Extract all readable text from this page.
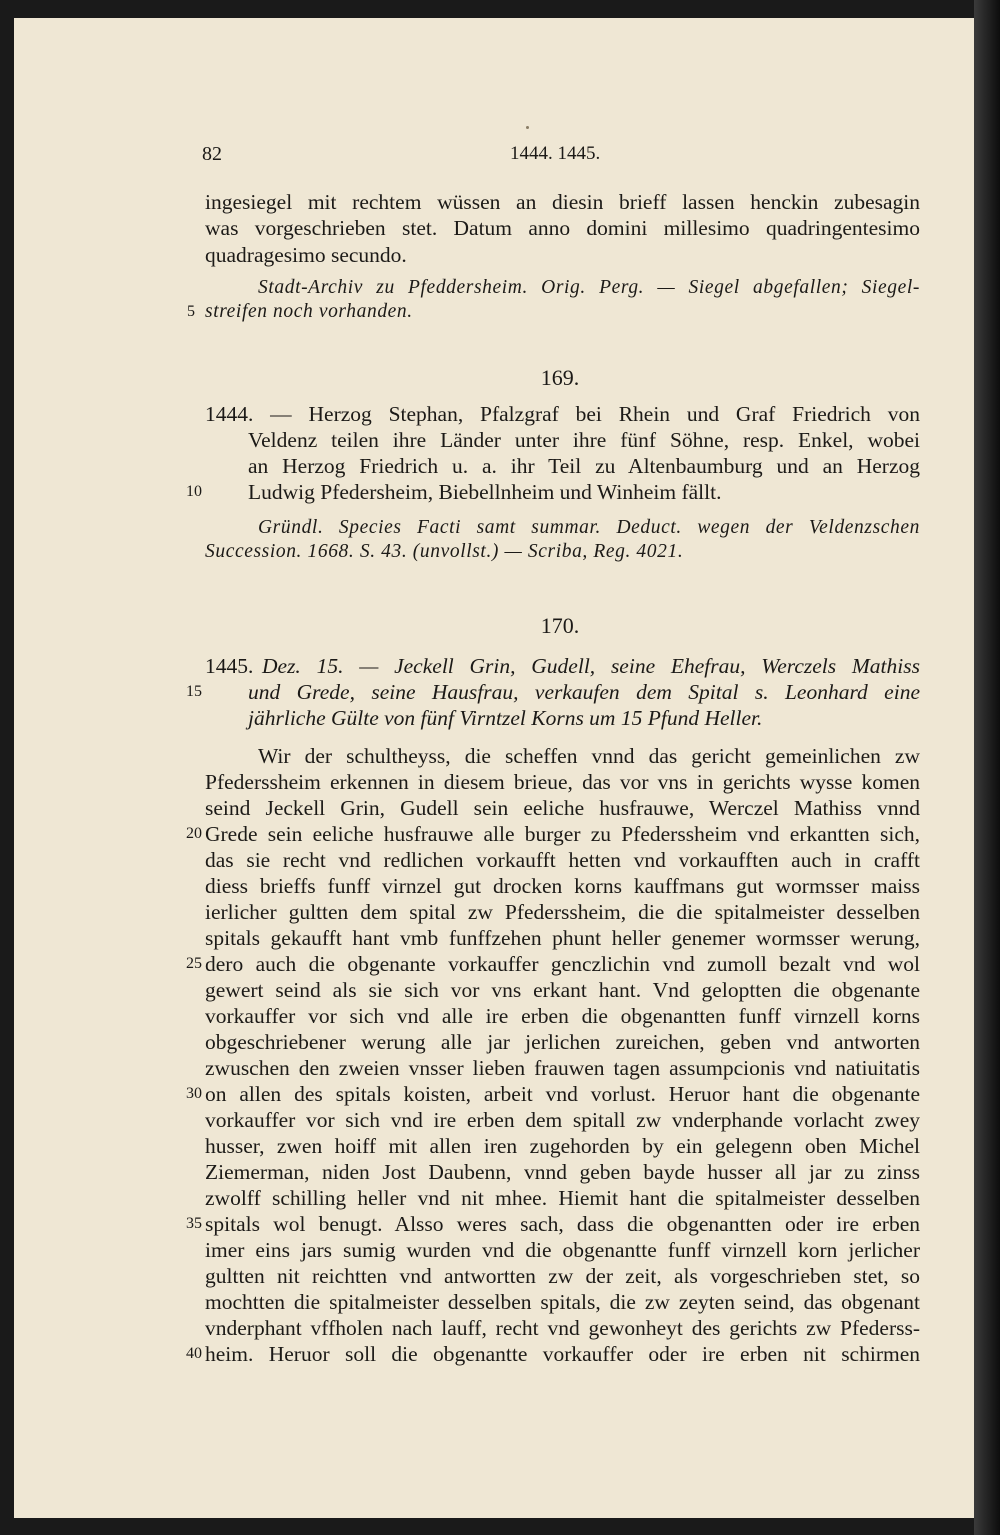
82	1444. 1445.
ingesiegel mit rechtem wüssen an diesin brieff lassen henckin zubesagin
was vorgeschrieben stet. Datum anno domini millesimo quadringentesimo
quadragesimo secundo.
Stadt-Archiv zu Pfeddersheim. Orig. Perg. — Siegel abgefallen; Siegel-
5 streifen noch vorhanden.
169.
1444. — Herzog Stephan, Pfalzgraf bei Rhein und Graf Friedrich von
Veldenz teilen ihre Länder unter ihre fünf Söhne, resp. Enkel, wobei
an Herzog Friedrich u. a. ihr Teil zu Altenbaumburg und an Herzog
10 Ludwig Pfedersheim, Biebellnheim und Winheim fällt.
Gründl. Species Facti samt summar. Deduct. wegen der Veldenzschen
Succession. 1668. S. 43. (unvollst.) — Scriba, Reg. 4021.
170.
1445. Dez. 15. — Jeckell Grin, Gudell, seine Ehefrau, Werczels Mathiss
15 und Grede, seine Hausfrau, verkaufen dem Spital s. Leonhard eine
jährliche Gülte von fünf Virntzel Korns um 15 Pfund Heller.
Wir der schultheyss, die scheffen vnnd das gericht gemeinlichen zw
Pfederssheim erkennen in diesem brieue, das vor vns in gerichts wysse komen
seind Jeckell Grin, Gudell sein eeliche husfrauwe, Werczel Mathiss vnnd
20 Grede sein eeliche husfrauwe alle burger zu Pfederssheim vnd erkantten sich,
das sie recht vnd redlichen vorkaufft hetten vnd vorkaufften auch in crafft
diess brieffs funff virnzel gut drocken korns kauffmans gut wormsser maiss
ierlicher gultten dem spital zw Pfederssheim, die die spitalmeister desselben
spitals gekaufft hant vmb funffzehen phunt heller genemer wormsser werung,
25 dero auch die obgenante vorkauffer genczlichin vnd zumoll bezalt vnd wol
gewert seind als sie sich vor vns erkant hant. Vnd geloptten die obgenante
vorkauffer vor sich vnd alle ire erben die obgenantten funff virnzell korns
obgeschriebener werung alle jar jerlichen zureichen, geben vnd antworten
zwuschen den zweien vnsser lieben frauwen tagen assumpcionis vnd natiuitatis
30 on allen des spitals koisten, arbeit vnd vorlust. Heruor hant die obgenante
vorkauffer vor sich vnd ire erben dem spitall zw vnderphande vorlacht zwey
husser, zwen hoiff mit allen iren zugehorden by ein gelegenn oben Michel
Ziemerman, niden Jost Daubenn, vnnd geben bayde husser all jar zu zinss
zwolff schilling heller vnd nit mhee. Hiemit hant die spitalmeister desselben
35 spitals wol benugt. Alsso weres sach, dass die obgenantten oder ire erben
imer eins jars sumig wurden vnd die obgenantte funff virnzell korn jerlicher
gultten nit reichtten vnd antwortten zw der zeit, als vorgeschrieben stet, so
mochtten die spitalmeister desselben spitals, die zw zeyten seind, das obgenant
vnderphant vffholen nach lauff, recht vnd gewonheyt des gerichts zw Pfederss-
40 heim. Heruor soll die obgenantte vorkauffer oder ire erben nit schirmen
